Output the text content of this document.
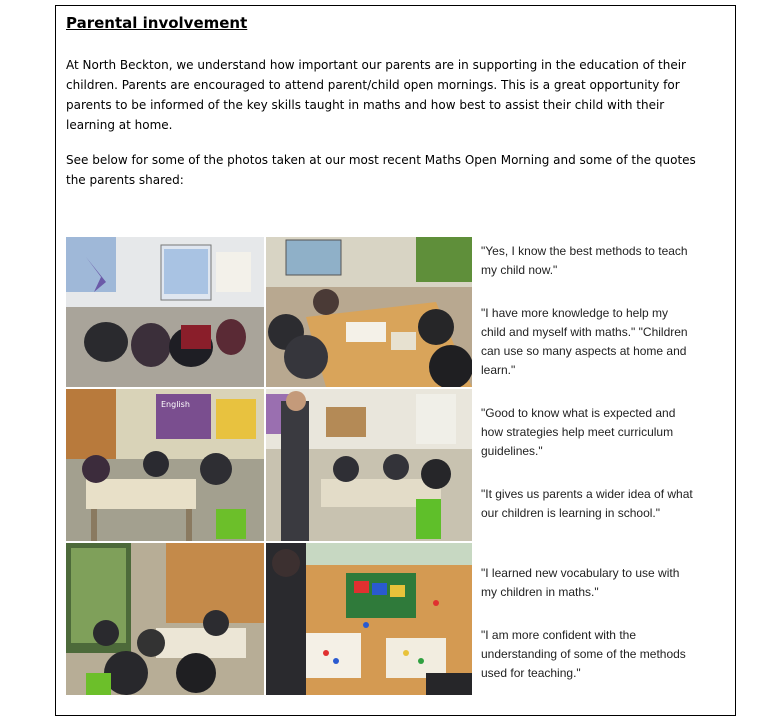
Parental involvement
At North Beckton, we understand how important our parents are in supporting in the education of their children. Parents are encouraged to attend parent/child open mornings. This is a great opportunity for parents to be informed of the key skills taught in maths and how best to assist their child with their learning at home.
See below for some of the photos taken at our most recent Maths Open Morning and some of the quotes the parents shared:
English
"Yes, I know the best methods to teach my child now."
"I have more knowledge to help my child and myself with maths." "Children can use so many aspects at home and learn."
"Good to know what is expected and how strategies help meet curriculum guidelines."
"It gives us parents a wider idea of what our children is learning in school."
"I learned new vocabulary to use with my children in maths."
"I am more confident with the understanding of some of the methods used for teaching."
